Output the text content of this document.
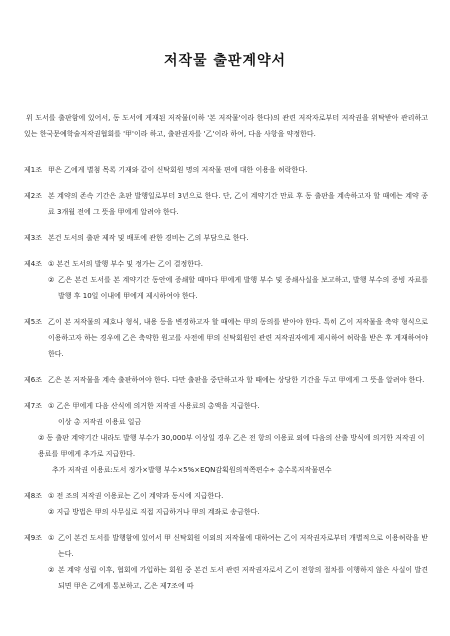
저작물 출판계약서

위 도서를 출판함에 있어서, 동 도서에 게재된 저작물(이하 '본 저작물'이라 한다)의 관련 저작자로부터 저작권을 위탁받아 관리하고 있는 한국문예학술저작권협회를 '甲'이라 하고, 출판권자를 '乙'이라 하여, 다음 사항을 약정한다.

제1조 甲은 乙에게 별첨 목록 기재와 같이 신탁회원 명의 저작물 편에 대한 이용을 허락한다.
제2조 본 계약의 존속 기간은 초판 발행일로부터 3년으로 한다. 단, 乙이 계약기간 만료 후 동 출판을 계속하고자 할 때에는 계약 종료 3개월 전에 그 뜻을 甲에게 알려야 한다.
제3조 본건 도서의 출판 제작 및 배포에 관한 경비는 乙의 부담으로 한다.
제4조 ① 본건 도서의 발행 부수 및 정가는 乙이 결정한다.
② 乙은 본건 도서를 본 계약기간 동안에 증쇄할 때마다 甲에게 발행 부수 및 증쇄사실을 보고하고, 발행 부수의 증빙 자료를 발행 후 10일 이내에 甲에게 제시하여야 한다.
제5조 乙이 본 저작물의 제호나 형식, 내용 등을 변경하고자 할 때에는 甲의 동의를 받아야 한다. 특히 乙이 저작물을 축약 형식으로 이용하고자 하는 경우에 乙은 축약한 원고를 사전에 甲의 신탁회원인 관련 저작권자에게 제시하여 허락을 받은 후 게재하여야 한다.
제6조 乙은 본 저작물을 계속 출판하여야 한다. 다만 출판을 중단하고자 할 때에는 상당한 기간을 두고 甲에게 그 뜻을 알려야 한다.
제7조 ① 乙은 甲에게 다음 산식에 의거한 저작권 사용료의 총액을 지급한다.
이상 총 저작권 이용료 일금
② 동 출판 계약기간 내라도 발행 부수가 30,000부 이상일 경우 乙은 전 항의 이용료 외에 다음의 산출 방식에 의거한 저작권 이용료를 甲에게 추가로 지급한다.
추가 저작권 이용료:도서 정가×발행 부수×5%×EQN감획원의적쪽편수÷ 총수록저작물편수
제8조 ① 전 조의 저작권 이용료는 乙이 계약과 동시에 지급한다.
② 지급 방법은 甲의 사무실로 직접 지급하거나 甲의 계좌로 송금한다.
제9조 ① 乙이 본건 도서를 발행함에 있어서 甲 신탁회원 이외의 저작물에 대하여는 乙이 저작권자로부터 개별적으로 이용허락을 받는다.
② 본 계약 성립 이후, 협회에 가입하는 회원 중 본건 도서 관련 저작권자로서 乙이 전항의 절차를 이행하지 않은 사실이 발견되면 甲은 乙에게 통보하고, 乙은 제7조에 따
